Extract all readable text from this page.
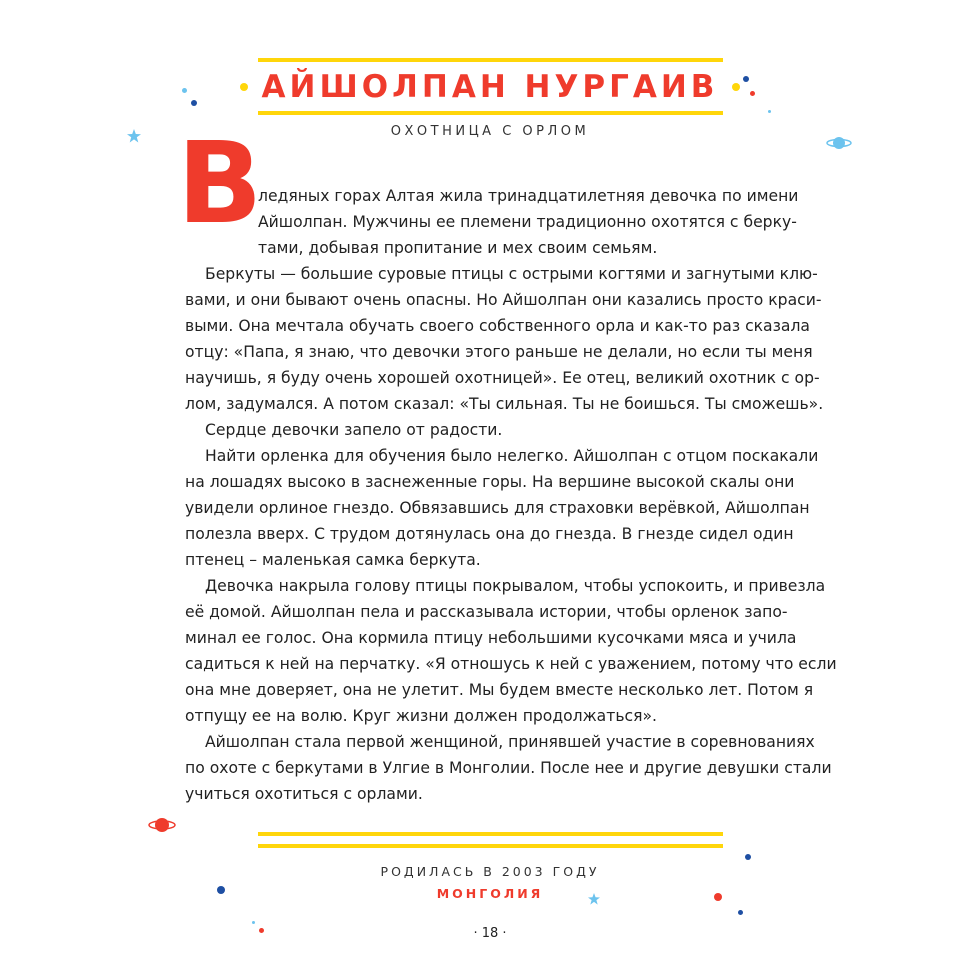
АЙШОЛПАН НУРГАИВ
ОХОТНИЦА С ОРЛОМ
В
ледяных горах Алтая жила тринадцатилетняя девочка по имени
Айшолпан. Мужчины ее племени традиционно охотятся с берку-
тами, добывая пропитание и мех своим семьям.
Беркуты — большие суровые птицы с острыми когтями и загнутыми клю-
вами, и они бывают очень опасны. Но Айшолпан они казались просто краси-
выми. Она мечтала обучать своего собственного орла и как-то раз сказала
отцу: «Папа, я знаю, что девочки этого раньше не делали, но если ты меня
научишь, я буду очень хорошей охотницей». Ее отец, великий охотник с ор-
лом, задумался. А потом сказал: «Ты сильная. Ты не боишься. Ты сможешь».
Сердце девочки запело от радости.
Найти орленка для обучения было нелегко. Айшолпан с отцом поскакали
на лошадях высоко в заснеженные горы. На вершине высокой скалы они
увидели орлиное гнездо. Обвязавшись для страховки верёвкой, Айшолпан
полезла вверх. С трудом дотянулась она до гнезда. В гнезде сидел один
птенец – маленькая самка беркута.
Девочка накрыла голову птицы покрывалом, чтобы успокоить, и привезла
её домой. Айшолпан пела и рассказывала истории, чтобы орленок запо-
минал ее голос. Она кормила птицу небольшими кусочками мяса и учила
садиться к ней на перчатку. «Я отношусь к ней с уважением, потому что если
она мне доверяет, она не улетит. Мы будем вместе несколько лет. Потом я
отпущу ее на волю. Круг жизни должен продолжаться».
Айшолпан стала первой женщиной, принявшей участие в соревнованиях
по охоте с беркутами в Улгие в Монголии. После нее и другие девушки стали
учиться охотиться с орлами.
РОДИЛАСЬ В 2003 ГОДУ
МОНГОЛИЯ
· 18 ·
